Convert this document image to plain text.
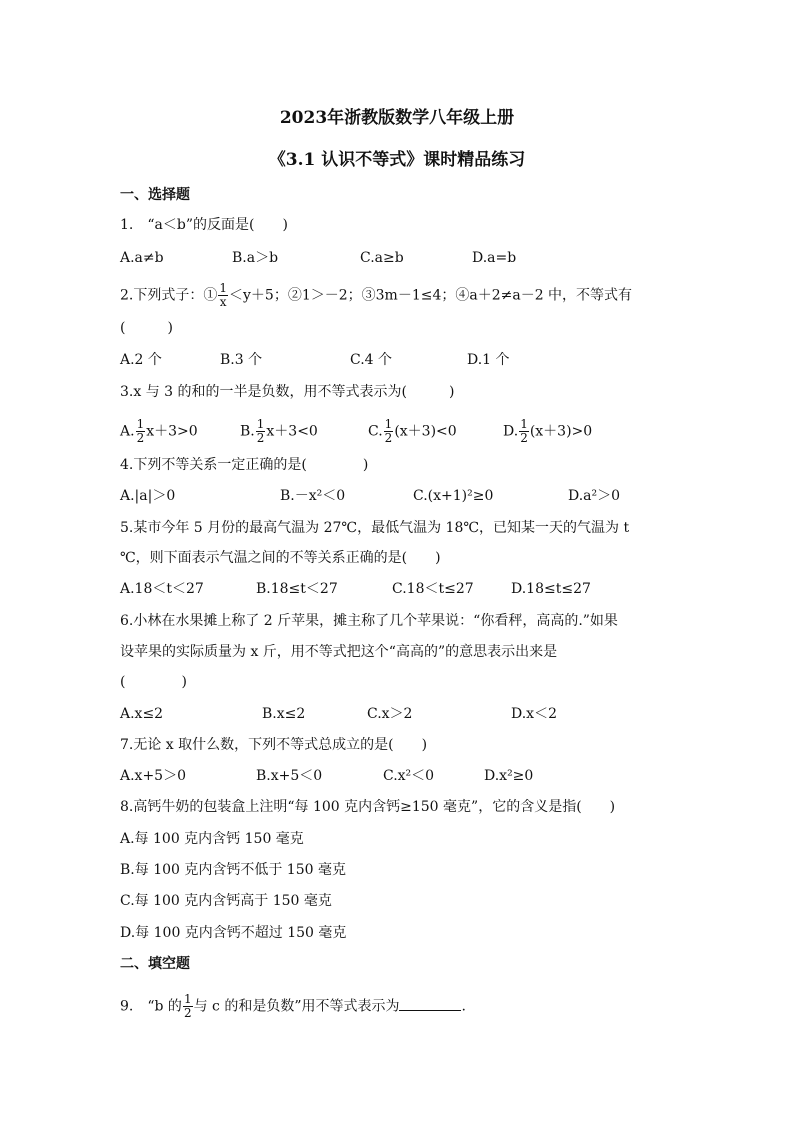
2023年浙教版数学八年级上册
《3.1 认识不等式》课时精品练习
一、选择题
1.　“a＜b”的反面是(　　)
A.a≠b	B.a＞b	C.a≥b	D.a=b
2.下列式子：① $\frac{1}{x} <y+5$；②1＞－2；③3m－1≤4；④a＋2≠a－2 中，不等式有
(　　　)
A.2 个	B.3 个	C.4 个	D.1 个
3.x 与 3 的和的一半是负数，用不等式表示为(　　　)
A. $\frac{1}{2} x+3>0$	B. $\frac{1}{2} x+3<0$	C. $\frac{1}{2} (x+3)<0$	D. $\frac{1}{2} (x+3)>0$
4.下列不等关系一定正确的是(　　　　)
A.|a|＞0	B.－x²＜0	C.(x+1)²≥0	D.a²＞0
5.某市今年 5 月份的最高气温为 27℃，最低气温为 18℃，已知某一天的气温为 t
℃，则下面表示气温之间的不等关系正确的是(　　)
A.18＜t＜27	B.18≤t＜27	C.18＜t≤27	D.18≤t≤27
6.小林在水果摊上称了 2 斤苹果，摊主称了几个苹果说：“你看秤，高高的.”如果
设苹果的实际质量为 x 斤，用不等式把这个“高高的”的意思表示出来是
(　　　　)
A.x≤2	B.x≤2	C.x＞2	D.x＜2
7.无论 x 取什么数，下列不等式总成立的是(　　)
A.x+5＞0	B.x+5＜0	C.x²＜0	D.x²≥0
8.高钙牛奶的包装盒上注明“每 100 克内含钙≥150 毫克”，它的含义是指(　　)
A.每 100 克内含钙 150 毫克
B.每 100 克内含钙不低于 150 毫克
C.每 100 克内含钙高于 150 毫克
D.每 100 克内含钙不超过 150 毫克
二、填空题
9.　“b 的 $\frac{1}{2}$ 与 c 的和是负数”用不等式表示为	.
